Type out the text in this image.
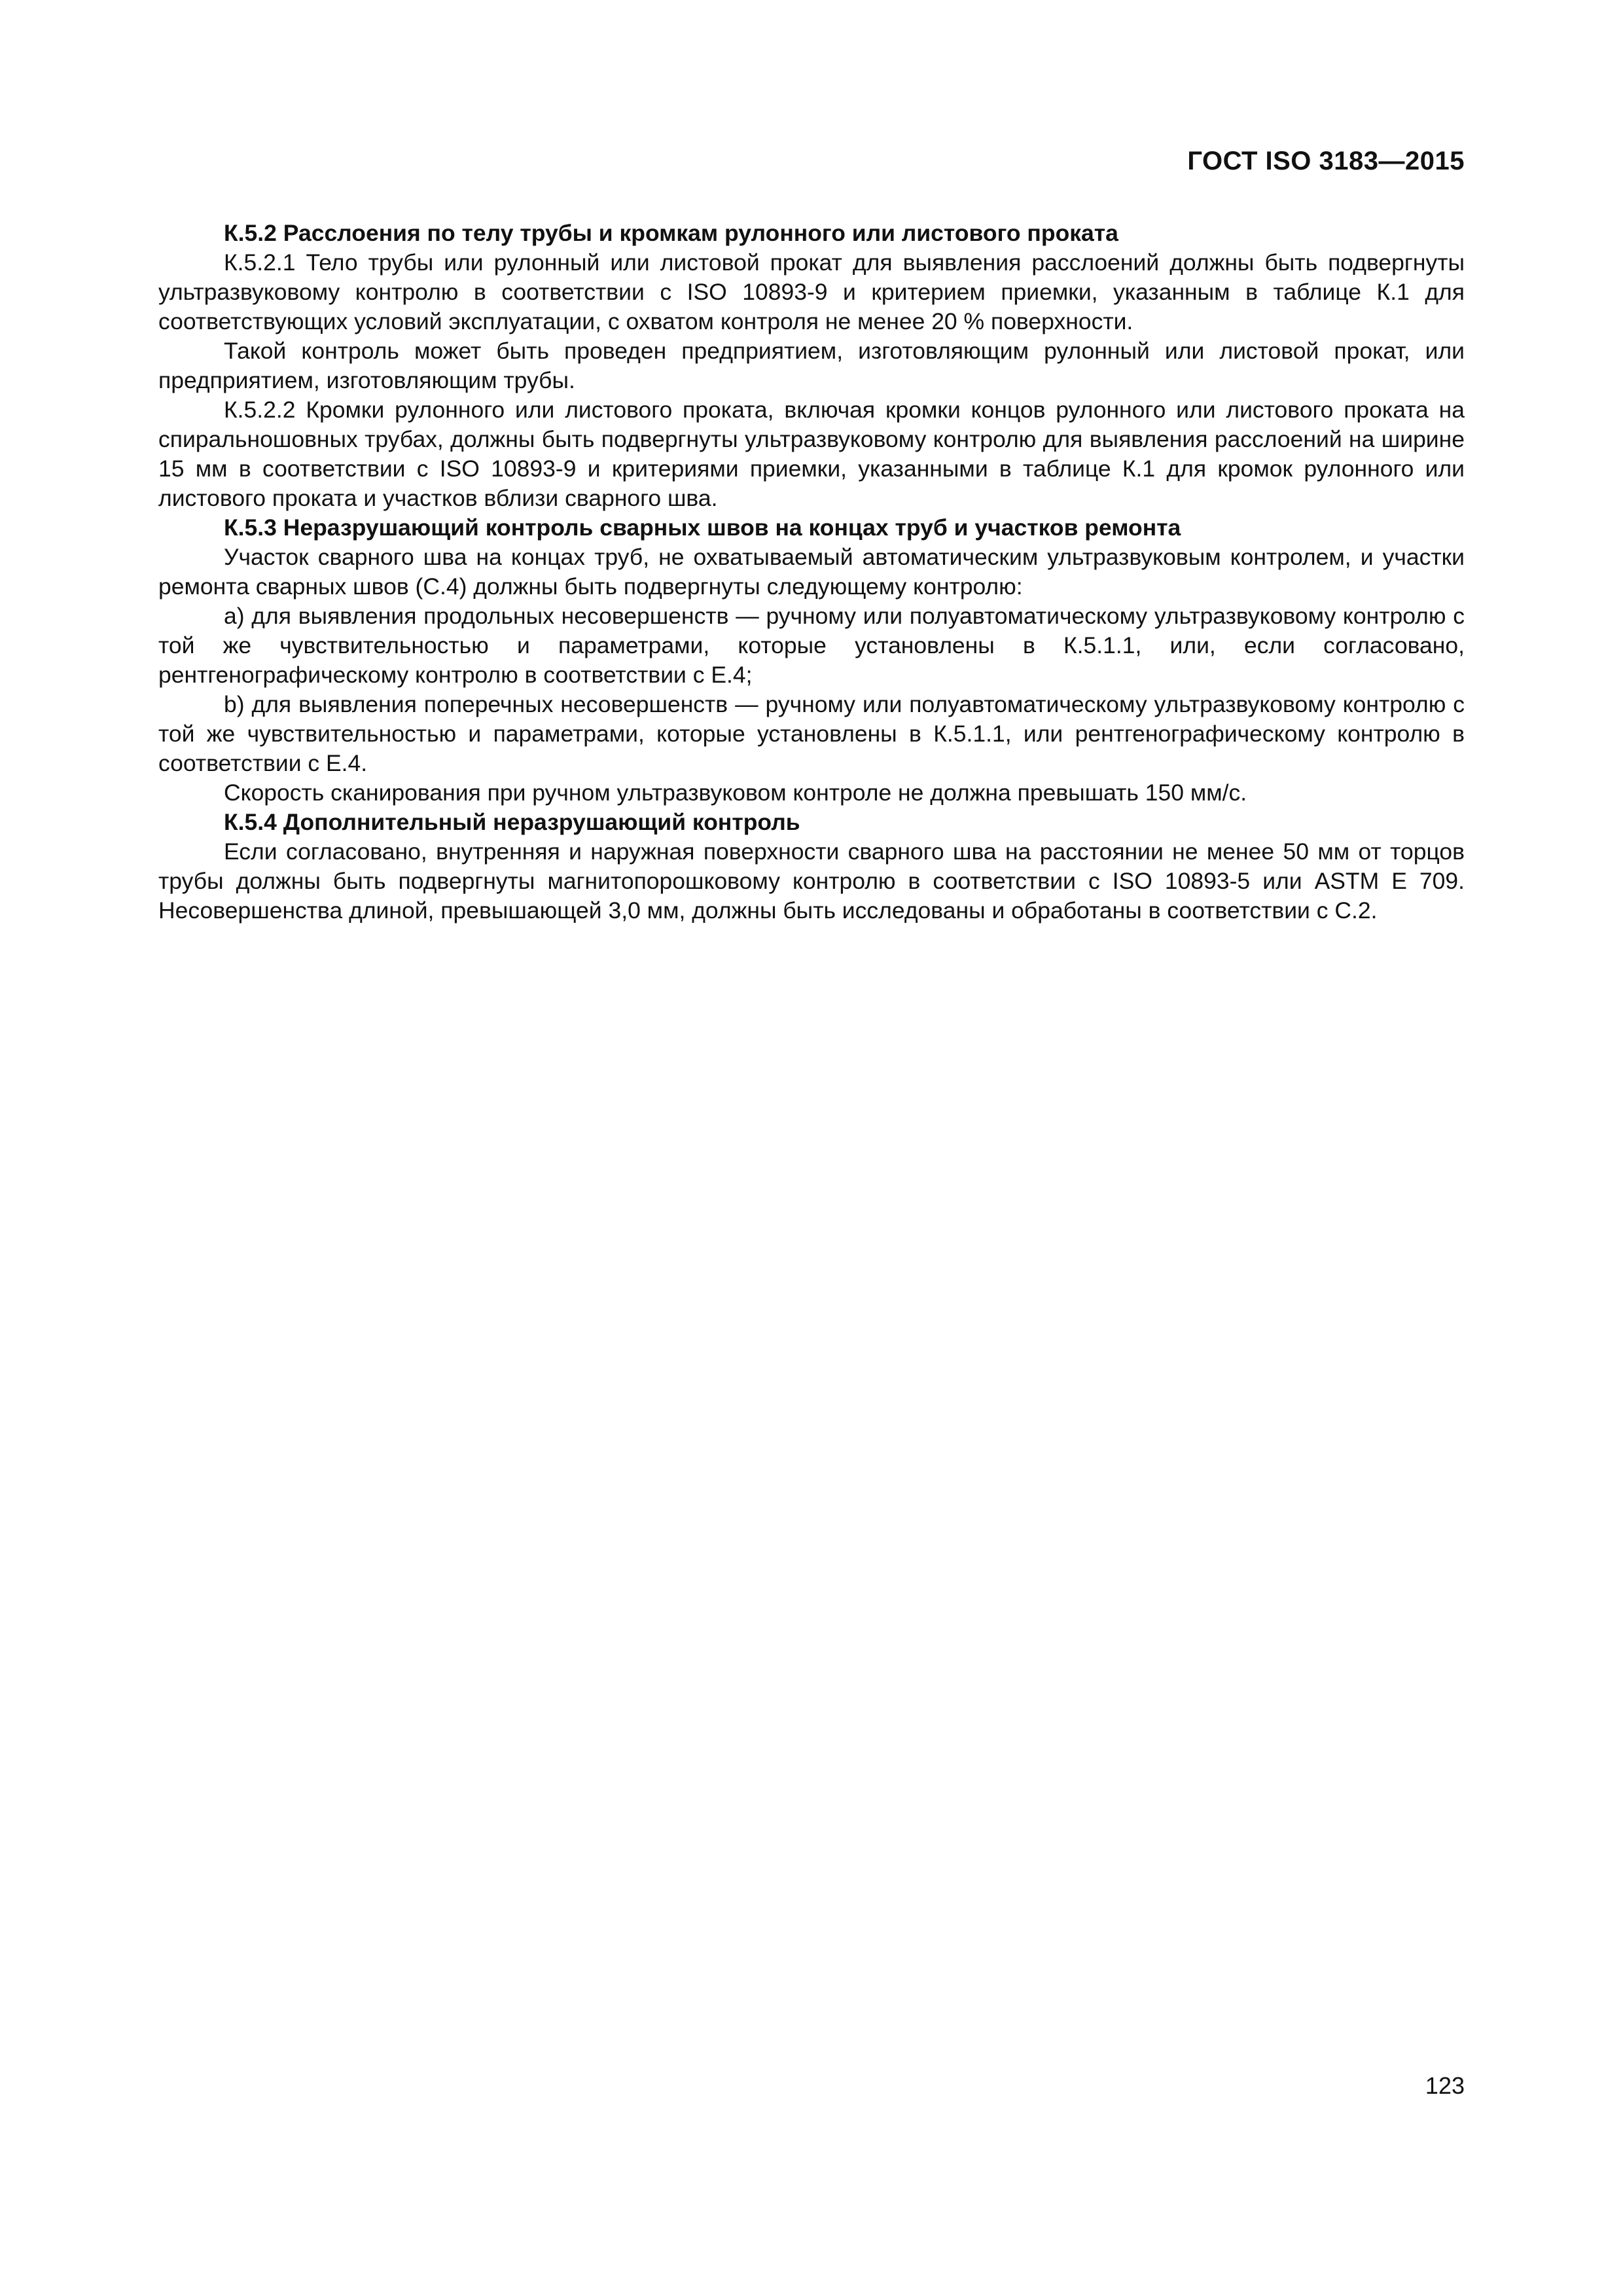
ГОСТ ISO 3183—2015

К.5.2 Расслоения по телу трубы и кромкам рулонного или листового проката

К.5.2.1 Тело трубы или рулонный или листовой прокат для выявления расслоений должны быть подвергнуты ультразвуковому контролю в соответствии с ISO 10893-9 и критерием приемки, указанным в таблице К.1 для соответствующих условий эксплуатации, с охватом контроля не менее 20 % поверхности.

Такой контроль может быть проведен предприятием, изготовляющим рулонный или листовой прокат, или предприятием, изготовляющим трубы.

К.5.2.2 Кромки рулонного или листового проката, включая кромки концов рулонного или листового проката на спиральношовных трубах, должны быть подвергнуты ультразвуковому контролю для выявления расслоений на ширине 15 мм в соответствии с ISO 10893-9 и критериями приемки, указанными в таблице К.1 для кромок рулонного или листового проката и участков вблизи сварного шва.

К.5.3 Неразрушающий контроль сварных швов на концах труб и участков ремонта

Участок сварного шва на концах труб, не охватываемый автоматическим ультразвуковым контролем, и участки ремонта сварных швов (С.4) должны быть подвергнуты следующему контролю:

а) для выявления продольных несовершенств — ручному или полуавтоматическому ультразвуковому контролю с той же чувствительностью и параметрами, которые установлены в К.5.1.1, или, если согласовано, рентгенографическому контролю в соответствии с Е.4;

b) для выявления поперечных несовершенств — ручному или полуавтоматическому ультразвуковому контролю с той же чувствительностью и параметрами, которые установлены в К.5.1.1, или рентгенографическому контролю в соответствии с Е.4.

Скорость сканирования при ручном ультразвуковом контроле не должна превышать 150 мм/с.

К.5.4 Дополнительный неразрушающий контроль

Если согласовано, внутренняя и наружная поверхности сварного шва на расстоянии не менее 50 мм от торцов трубы должны быть подвергнуты магнитопорошковому контролю в соответствии с ISO 10893-5 или ASTM E 709. Несовершенства длиной, превышающей 3,0 мм, должны быть исследованы и обработаны в соответствии с С.2.

123
